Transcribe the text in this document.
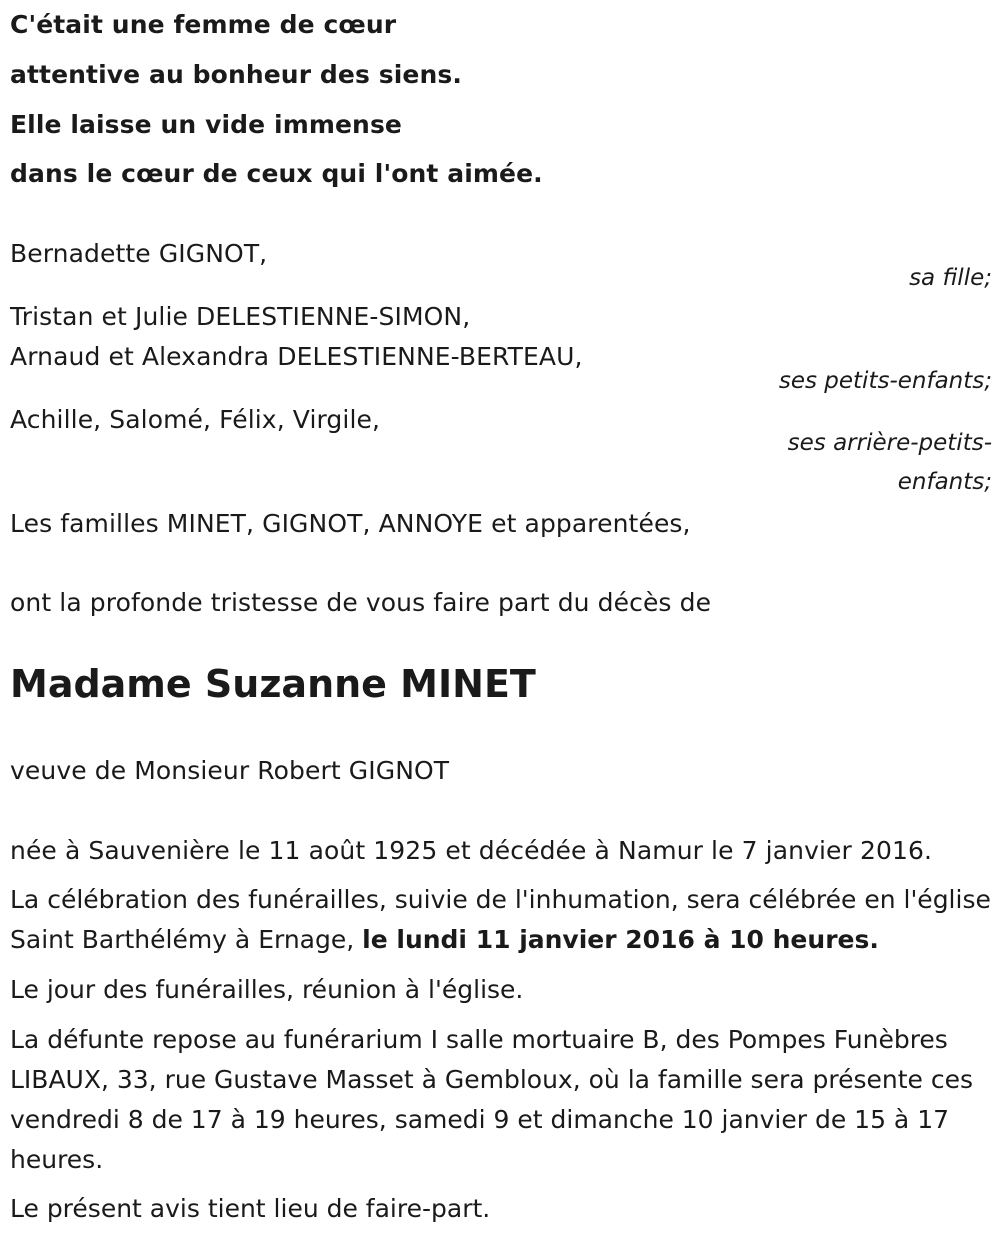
C'était une femme de cœur
attentive au bonheur des siens.
Elle laisse un vide immense
dans le cœur de ceux qui l'ont aimée.
Bernadette GIGNOT,
sa fille;
Tristan et Julie DELESTIENNE-SIMON,
Arnaud et Alexandra DELESTIENNE-BERTEAU,
ses petits-enfants;
Achille, Salomé, Félix, Virgile,
ses arrière-petits-enfants;
Les familles MINET, GIGNOT, ANNOYE et apparentées,
ont la profonde tristesse de vous faire part du décès de
Madame Suzanne MINET
veuve de Monsieur Robert GIGNOT
née à Sauvenière le 11 août 1925 et décédée à Namur le 7 janvier 2016.
La célébration des funérailles, suivie de l'inhumation, sera célébrée en l'église Saint Barthélémy à Ernage, le lundi 11 janvier 2016 à 10 heures.
Le jour des funérailles, réunion à l'église.
La défunte repose au funérarium I salle mortuaire B, des Pompes Funèbres LIBAUX, 33, rue Gustave Masset à Gembloux, où la famille sera présente ces vendredi 8 de 17 à 19 heures, samedi 9 et dimanche 10 janvier de 15 à 17 heures.
Le présent avis tient lieu de faire-part.
